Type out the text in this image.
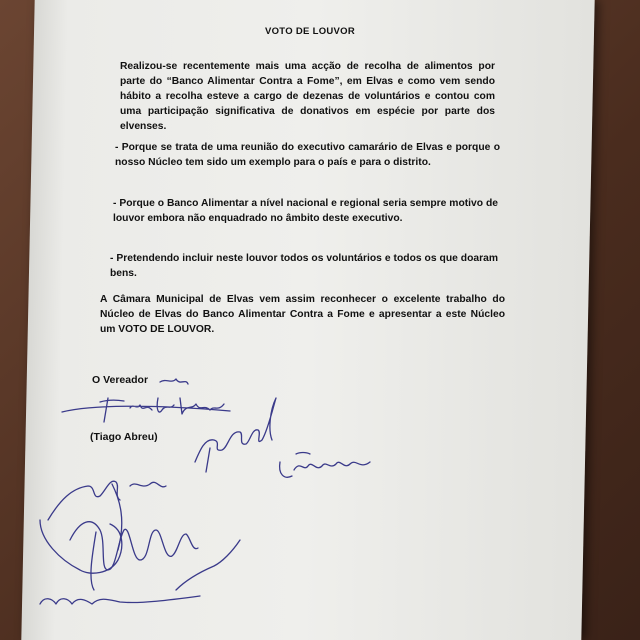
VOTO DE LOUVOR

Realizou-se recentemente mais uma acção de recolha de alimentos por parte do “Banco Alimentar Contra a Fome”, em Elvas e como vem sendo hábito a recolha esteve a cargo de dezenas de voluntários e contou com uma participação significativa de donativos em espécie por parte dos elvenses.

- Porque se trata de uma reunião do executivo camarário de Elvas e porque o nosso Núcleo tem sido um exemplo para o país e para o distrito.

- Porque o Banco Alimentar a nível nacional e regional seria sempre motivo de louvor embora não enquadrado no âmbito deste executivo.

- Pretendendo incluir neste louvor todos os voluntários e todos os que doaram bens.

A Câmara Municipal de Elvas vem assim reconhecer o excelente trabalho do Núcleo de Elvas do Banco Alimentar Contra a Fome e apresentar a este Núcleo um VOTO DE LOUVOR.

O Vereador
(Tiago Abreu)
